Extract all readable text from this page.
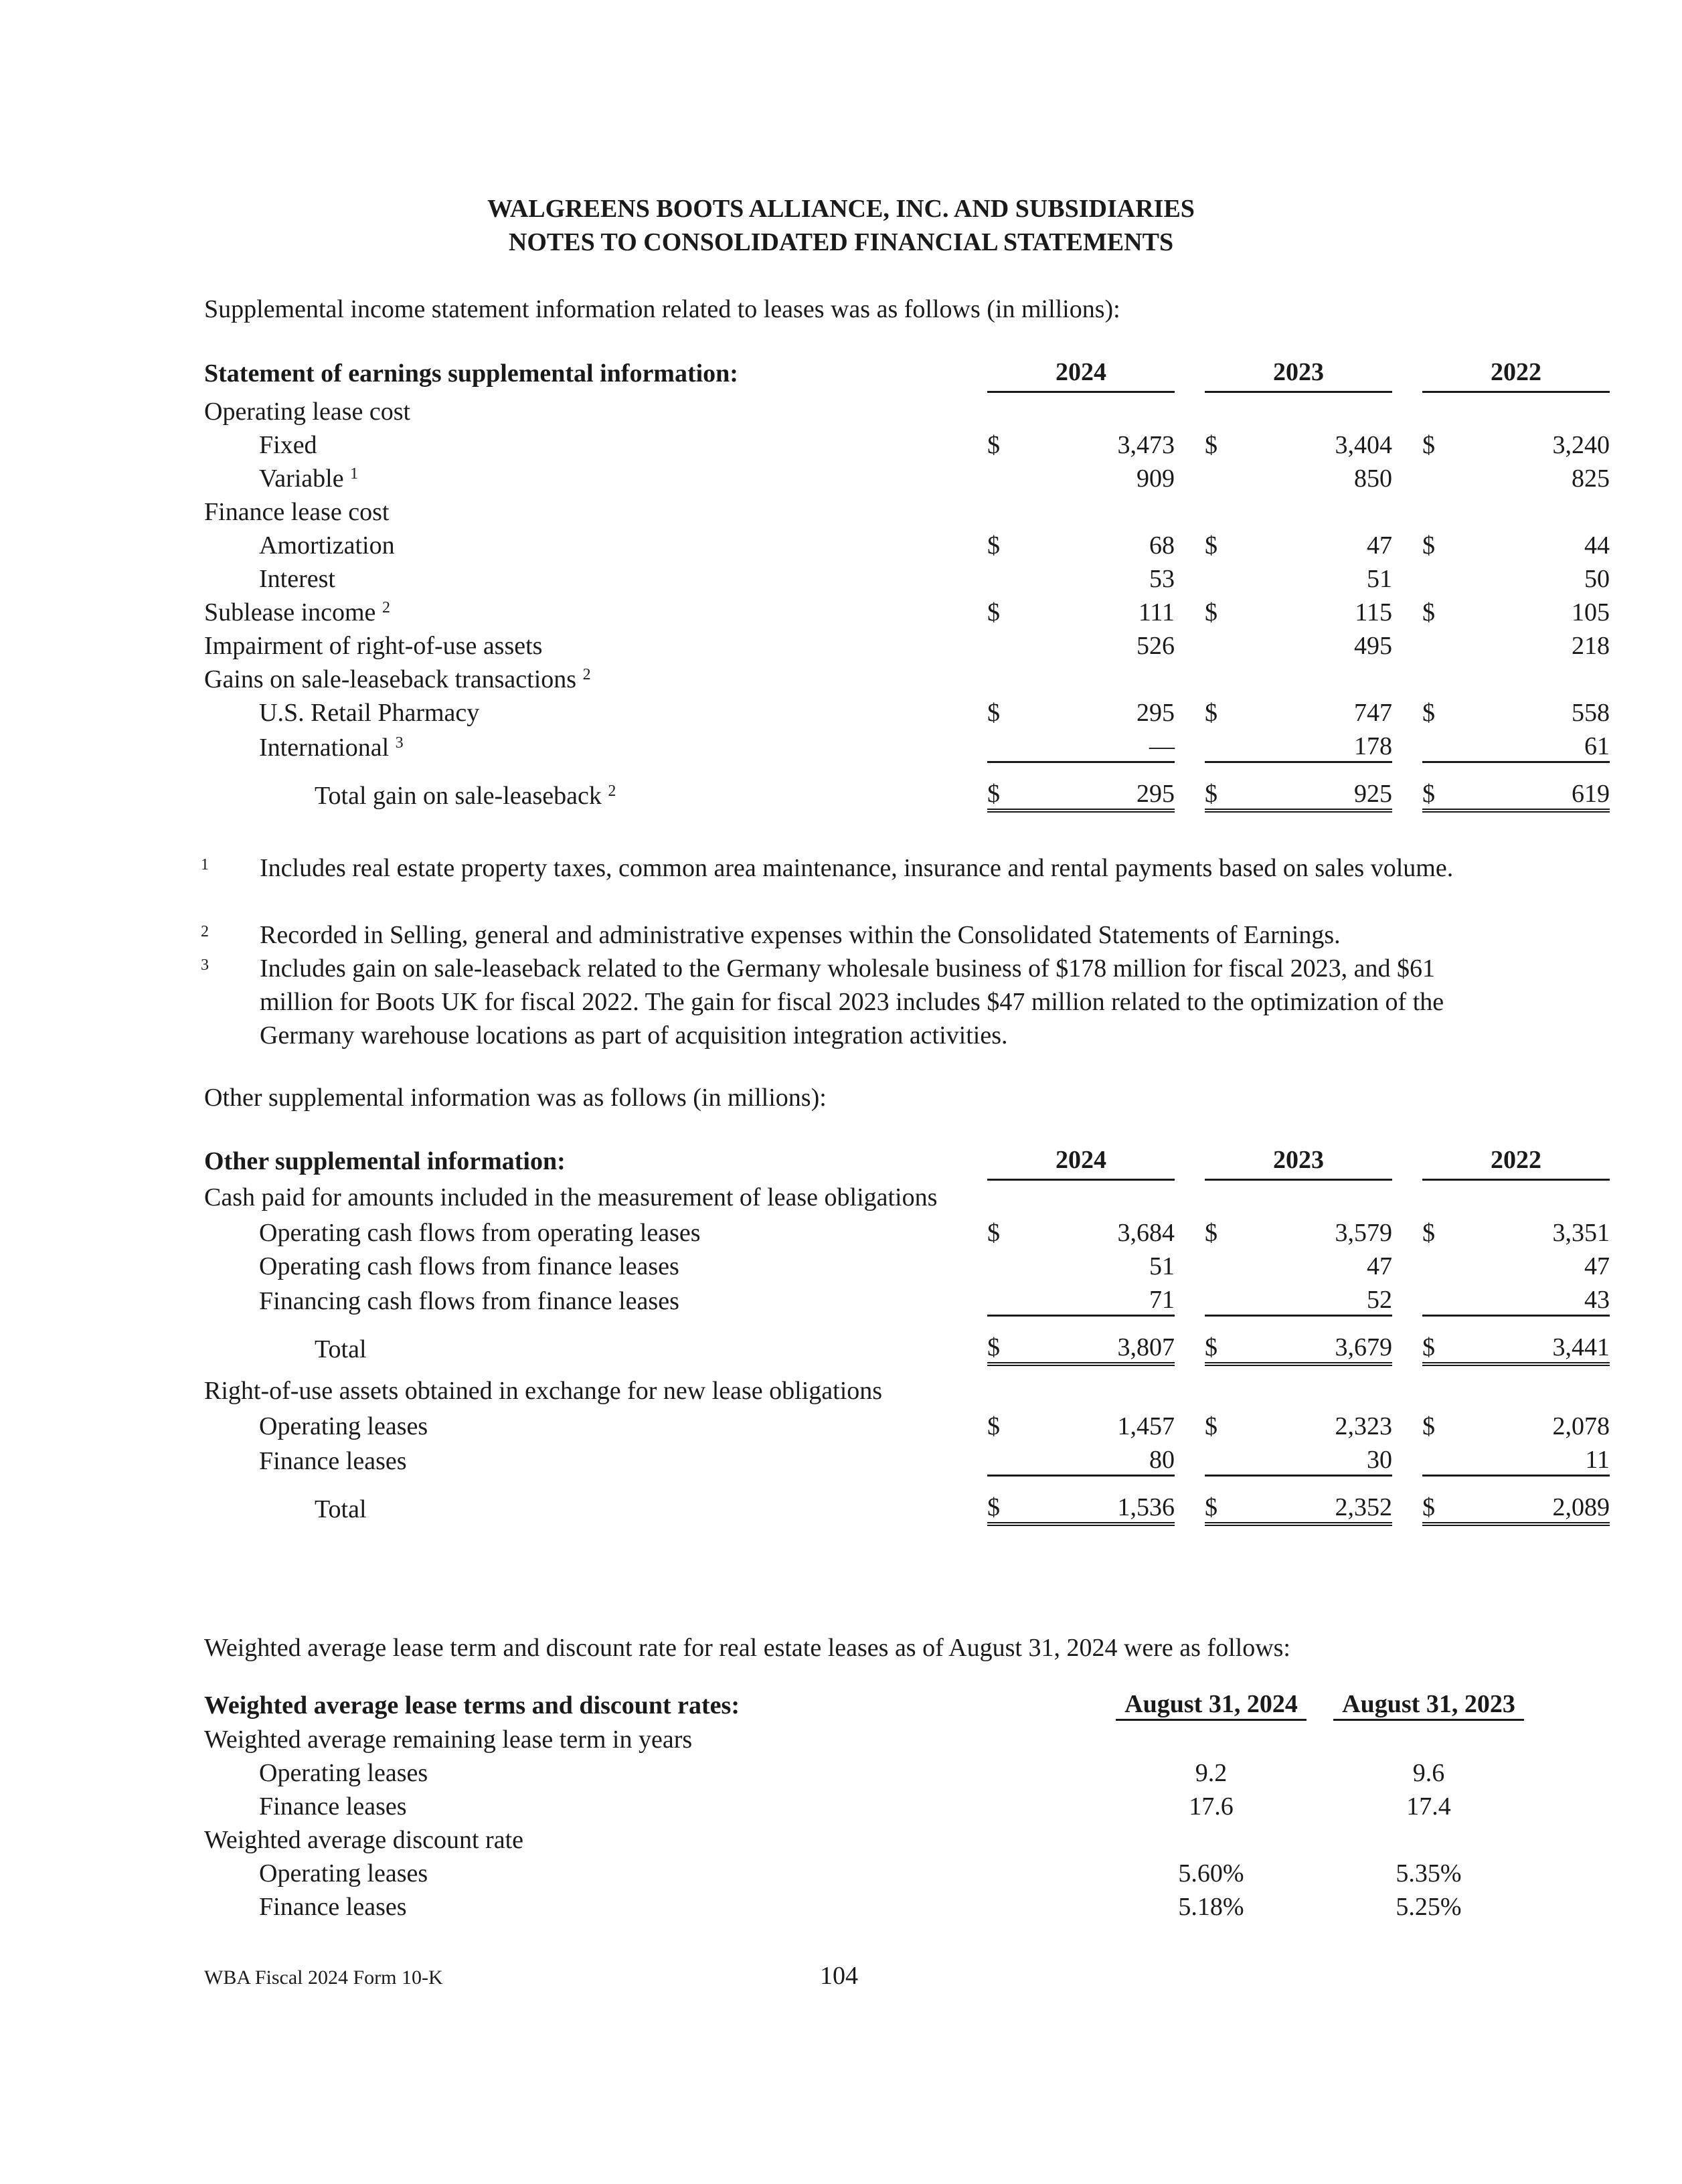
WALGREENS BOOTS ALLIANCE, INC. AND SUBSIDIARIES
NOTES TO CONSOLIDATED FINANCIAL STATEMENTS
Supplemental income statement information related to leases was as follows (in millions):
Statement of earnings supplemental information:		2024			2023			2022		
Operating lease cost										
Fixed		$	3,473		$	3,404		$	3,240	
Variable $^1$			909			850			825	
Finance lease cost										
Amortization		$	68		$	47		$	44	
Interest			53			51			50	
Sublease income $^2$		$	111		$	115		$	105	
Impairment of right-of-use assets			526			495			218	
Gains on sale-leaseback transactions $^2$										
U.S. Retail Pharmacy		$	295		$	747		$	558	
International $^3$			—			178			61	
Total gain on sale-leaseback $^2$		$	295		$	925		$	619	
1 Includes real estate property taxes, common area maintenance, insurance and rental payments based on sales volume.
2 Recorded in Selling, general and administrative expenses within the Consolidated Statements of Earnings.
3 Includes gain on sale-leaseback related to the Germany wholesale business of $178 million for fiscal 2023, and $61 million for Boots UK for fiscal 2022. The gain for fiscal 2023 includes $47 million related to the optimization of the Germany warehouse locations as part of acquisition integration activities.
Other supplemental information was as follows (in millions):
Other supplemental information:		2024			2023			2022		
Cash paid for amounts included in the measurement of lease obligations										
Operating cash flows from operating leases		$	3,684		$	3,579		$	3,351	
Operating cash flows from finance leases			51			47			47	
Financing cash flows from finance leases			71			52			43	
Total		$	3,807		$	3,679		$	3,441	
Right-of-use assets obtained in exchange for new lease obligations										
Operating leases		$	1,457		$	2,323		$	2,078	
Finance leases			80			30			11	
Total		$	1,536		$	2,352		$	2,089	
Weighted average lease term and discount rate for real estate leases as of August 31, 2024 were as follows:
Weighted average lease terms and discount rates:	August 31, 2024		August 31, 2023
Weighted average remaining lease term in years			
Operating leases	9.2		9.6
Finance leases	17.6		17.4
Weighted average discount rate			
Operating leases	5.60%		5.35%
Finance leases	5.18%		5.25%
WBA Fiscal 2024 Form 10-K	104
